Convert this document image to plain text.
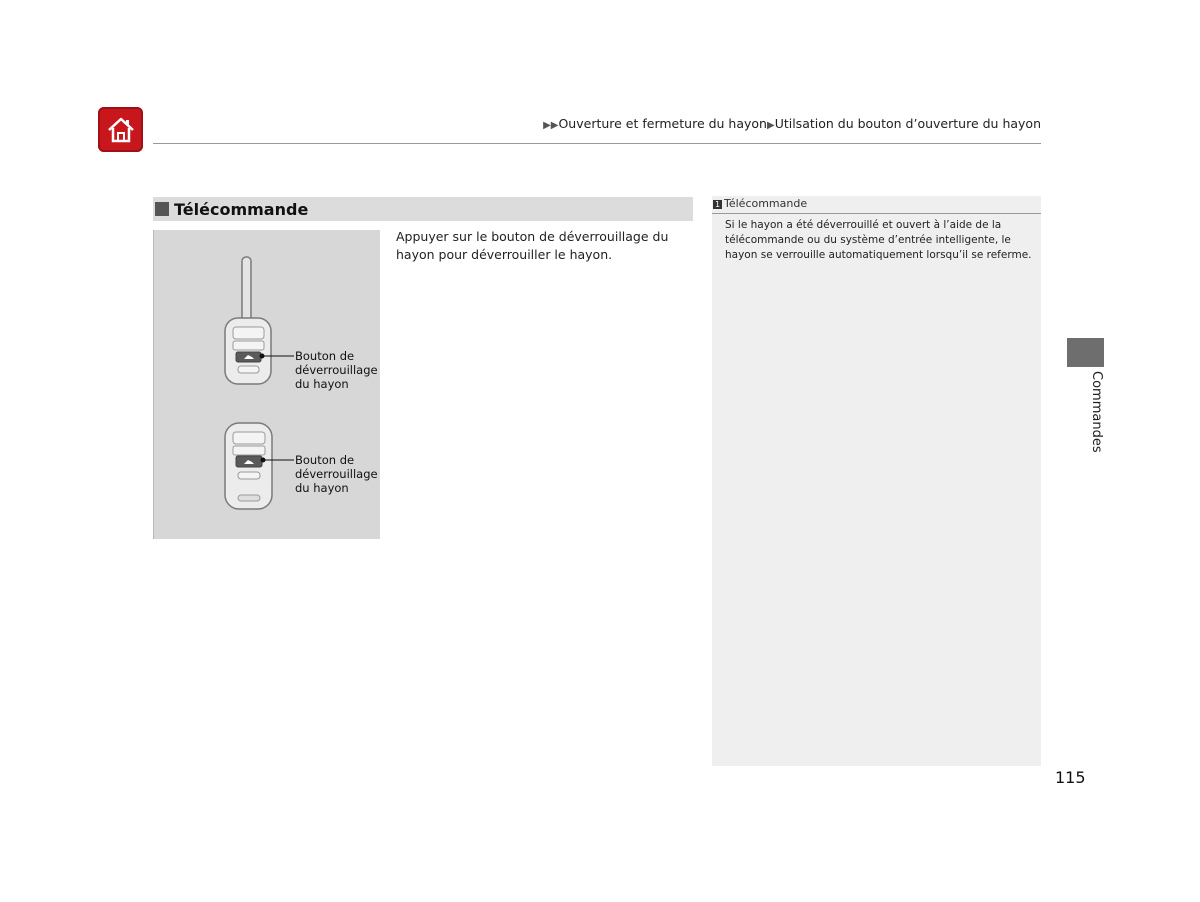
▶▶Ouverture et fermeture du hayon▶Utilsation du bouton d’ouverture du hayon
Télécommande
Bouton de
déverrouillage
du hayon
Bouton de
déverrouillage
du hayon
Appuyer sur le bouton de déverrouillage du hayon pour déverrouiller le hayon.
1 Télécommande
Si le hayon a été déverrouillé et ouvert à l’aide de la télécommande ou du système d’entrée intelligente, le hayon se verrouille automatiquement lorsqu’il se referme.
Commandes
115
